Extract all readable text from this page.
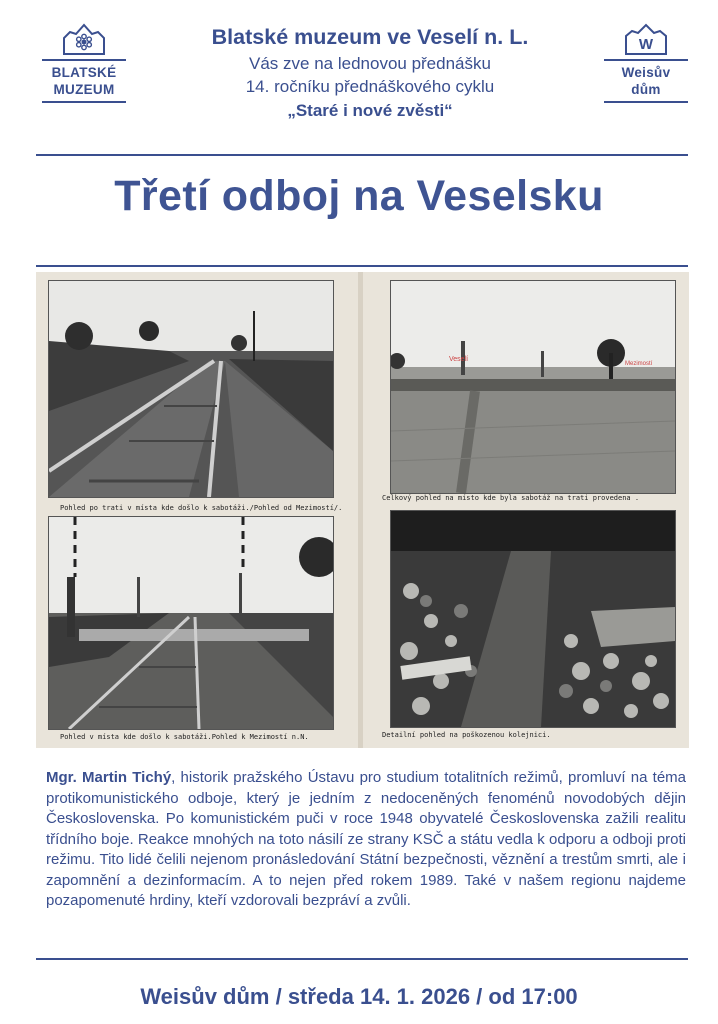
BLATSKÉ
MUZEUM
Blatské muzeum ve Veselí n. L.
Vás zve na lednovou přednášku
14. ročníku přednáškového cyklu
„Staré i nové zvěsti“
W
Weisův
dům
Třetí odboj na Veselsku
Pohled po trati v místa kde došlo k sabotáži./Pohled od Mezimostí/.
Veselí
Mezimostí
Celkový pohled na místo kde byla sabotáž na trati provedena .
Pohled v místa kde došlo k sabotáži.Pohled k Mezimostí n.N.	Detailní pohled na poškozenou kolejnici.
Mgr. Martin Tichý, historik pražského Ústavu pro studium totalitních režimů, promluví na téma protikomunistického odboje, který je jedním z nedoceněných fenoménů novodobých dějin Československa. Po komunistickém puči v roce 1948 obyvatelé Československa zažili realitu třídního boje. Reakce mnohých na toto násilí ze strany KSČ a státu vedla k odporu a odboji proti režimu. Tito lidé čelili nejenom pronásledování Státní bezpečnosti, věznění a trestům smrti, ale i zapomnění a dezinformacím. A to nejen před rokem 1989. Také v našem regionu najdeme pozapomenuté hrdiny, kteří vzdorovali bezpráví a zvůli.
Weisův dům / středa 14. 1. 2026 / od 17:00
